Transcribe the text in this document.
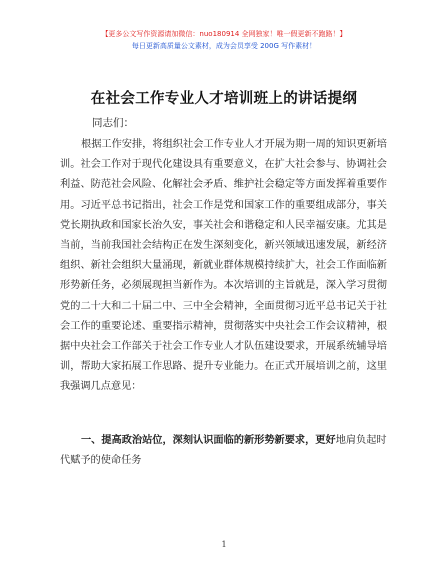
【更多公文写作资源请加微信：nuo180914 全网独家！唯一假更新不跑路！】
每日更新高质量公文素材，成为会员享受 200G 写作素材！
在社会工作专业人才培训班上的讲话提纲
同志们：

根据工作安排，将组织社会工作专业人才开展为期一周的知识更新培训。社会工作对于现代化建设具有重要意义，在扩大社会参与、协调社会利益、防范社会风险、化解社会矛盾、维护社会稳定等方面发挥着重要作用。习近平总书记指出，社会工作是党和国家工作的重要组成部分，事关党长期执政和国家长治久安，事关社会和谐稳定和人民幸福安康。尤其是当前，当前我国社会结构正在发生深刻变化，新兴领域迅速发展，新经济组织、新社会组织大量涌现，新就业群体规模持续扩大，社会工作面临新形势新任务，必须展现担当新作为。本次培训的主旨就是，深入学习贯彻党的二十大和二十届二中、三中全会精神，全面贯彻习近平总书记关于社会工作的重要论述、重要指示精神，贯彻落实中央社会工作会议精神，根据中央社会工作部关于社会工作专业人才队伍建设要求，开展系统辅导培训，帮助大家拓展工作思路、提升专业能力。在正式开展培训之前，这里我强调几点意见：

一、提高政治站位，深刻认识面临的新形势新要求，更好地肩负起时代赋予的使命任务

1
